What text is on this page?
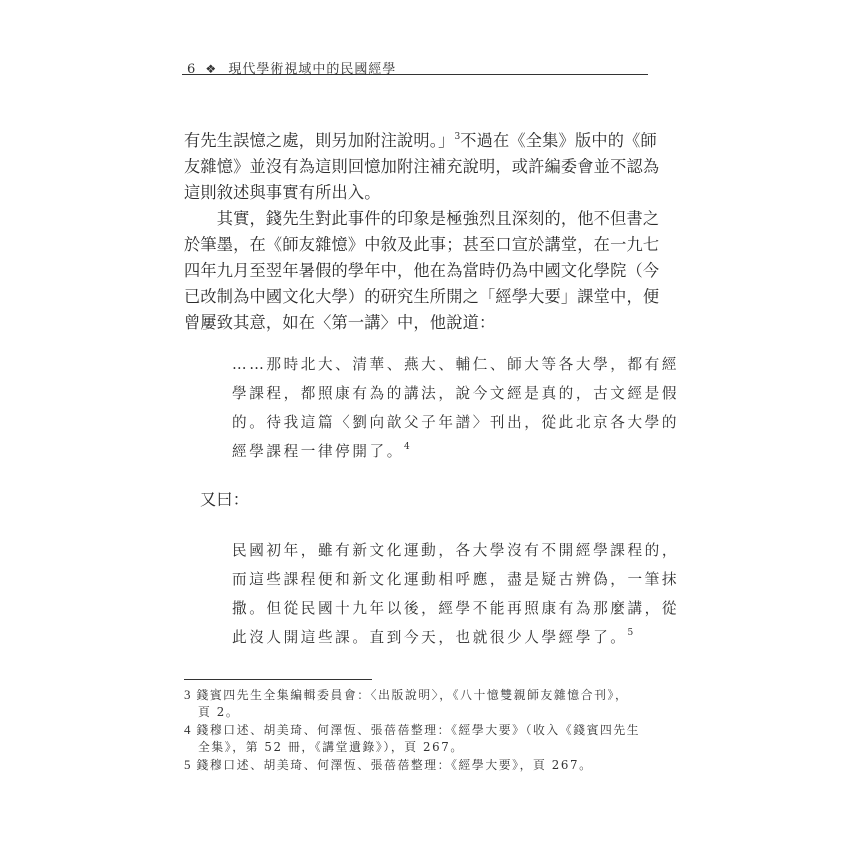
6 ❖ 現代學術視域中的民國經學
有先生誤憶之處，則另加附注說明。」$^3$不過在《全集》版中的《師
友雜憶》並沒有為這則回憶加附注補充說明，或許編委會並不認為
這則敘述與事實有所出入。
　　其實，錢先生對此事件的印象是極強烈且深刻的，他不但書之
於筆墨，在《師友雜憶》中敘及此事；甚至口宣於講堂，在一九七
四年九月至翌年暑假的學年中，他在為當時仍為中國文化學院（今
已改制為中國文化大學）的研究生所開之「經學大要」課堂中，便
曾屢致其意，如在〈第一講〉中，他說道：
……那時北大、清華、燕大、輔仁、師大等各大學，都有經
學課程，都照康有為的講法，說今文經是真的，古文經是假
的。待我這篇〈劉向歆父子年譜〉刊出，從此北京各大學的
經學課程一律停開了。$^4$
又曰：
民國初年，雖有新文化運動，各大學沒有不開經學課程的，
而這些課程便和新文化運動相呼應，盡是疑古辨偽，一筆抹
撒。但從民國十九年以後，經學不能再照康有為那麼講，從
此沒人開這些課。直到今天，也就很少人學經學了。$^5$
3 錢賓四先生全集編輯委員會：〈出版說明〉，《八十憶雙親師友雜憶合刊》，
頁 2。
4 錢穆口述、胡美琦、何澤恆、張蓓蓓整理：《經學大要》（收入《錢賓四先生
全集》，第 52 冊，《講堂遺錄》），頁 267。
5 錢穆口述、胡美琦、何澤恆、張蓓蓓整理：《經學大要》，頁 267。
